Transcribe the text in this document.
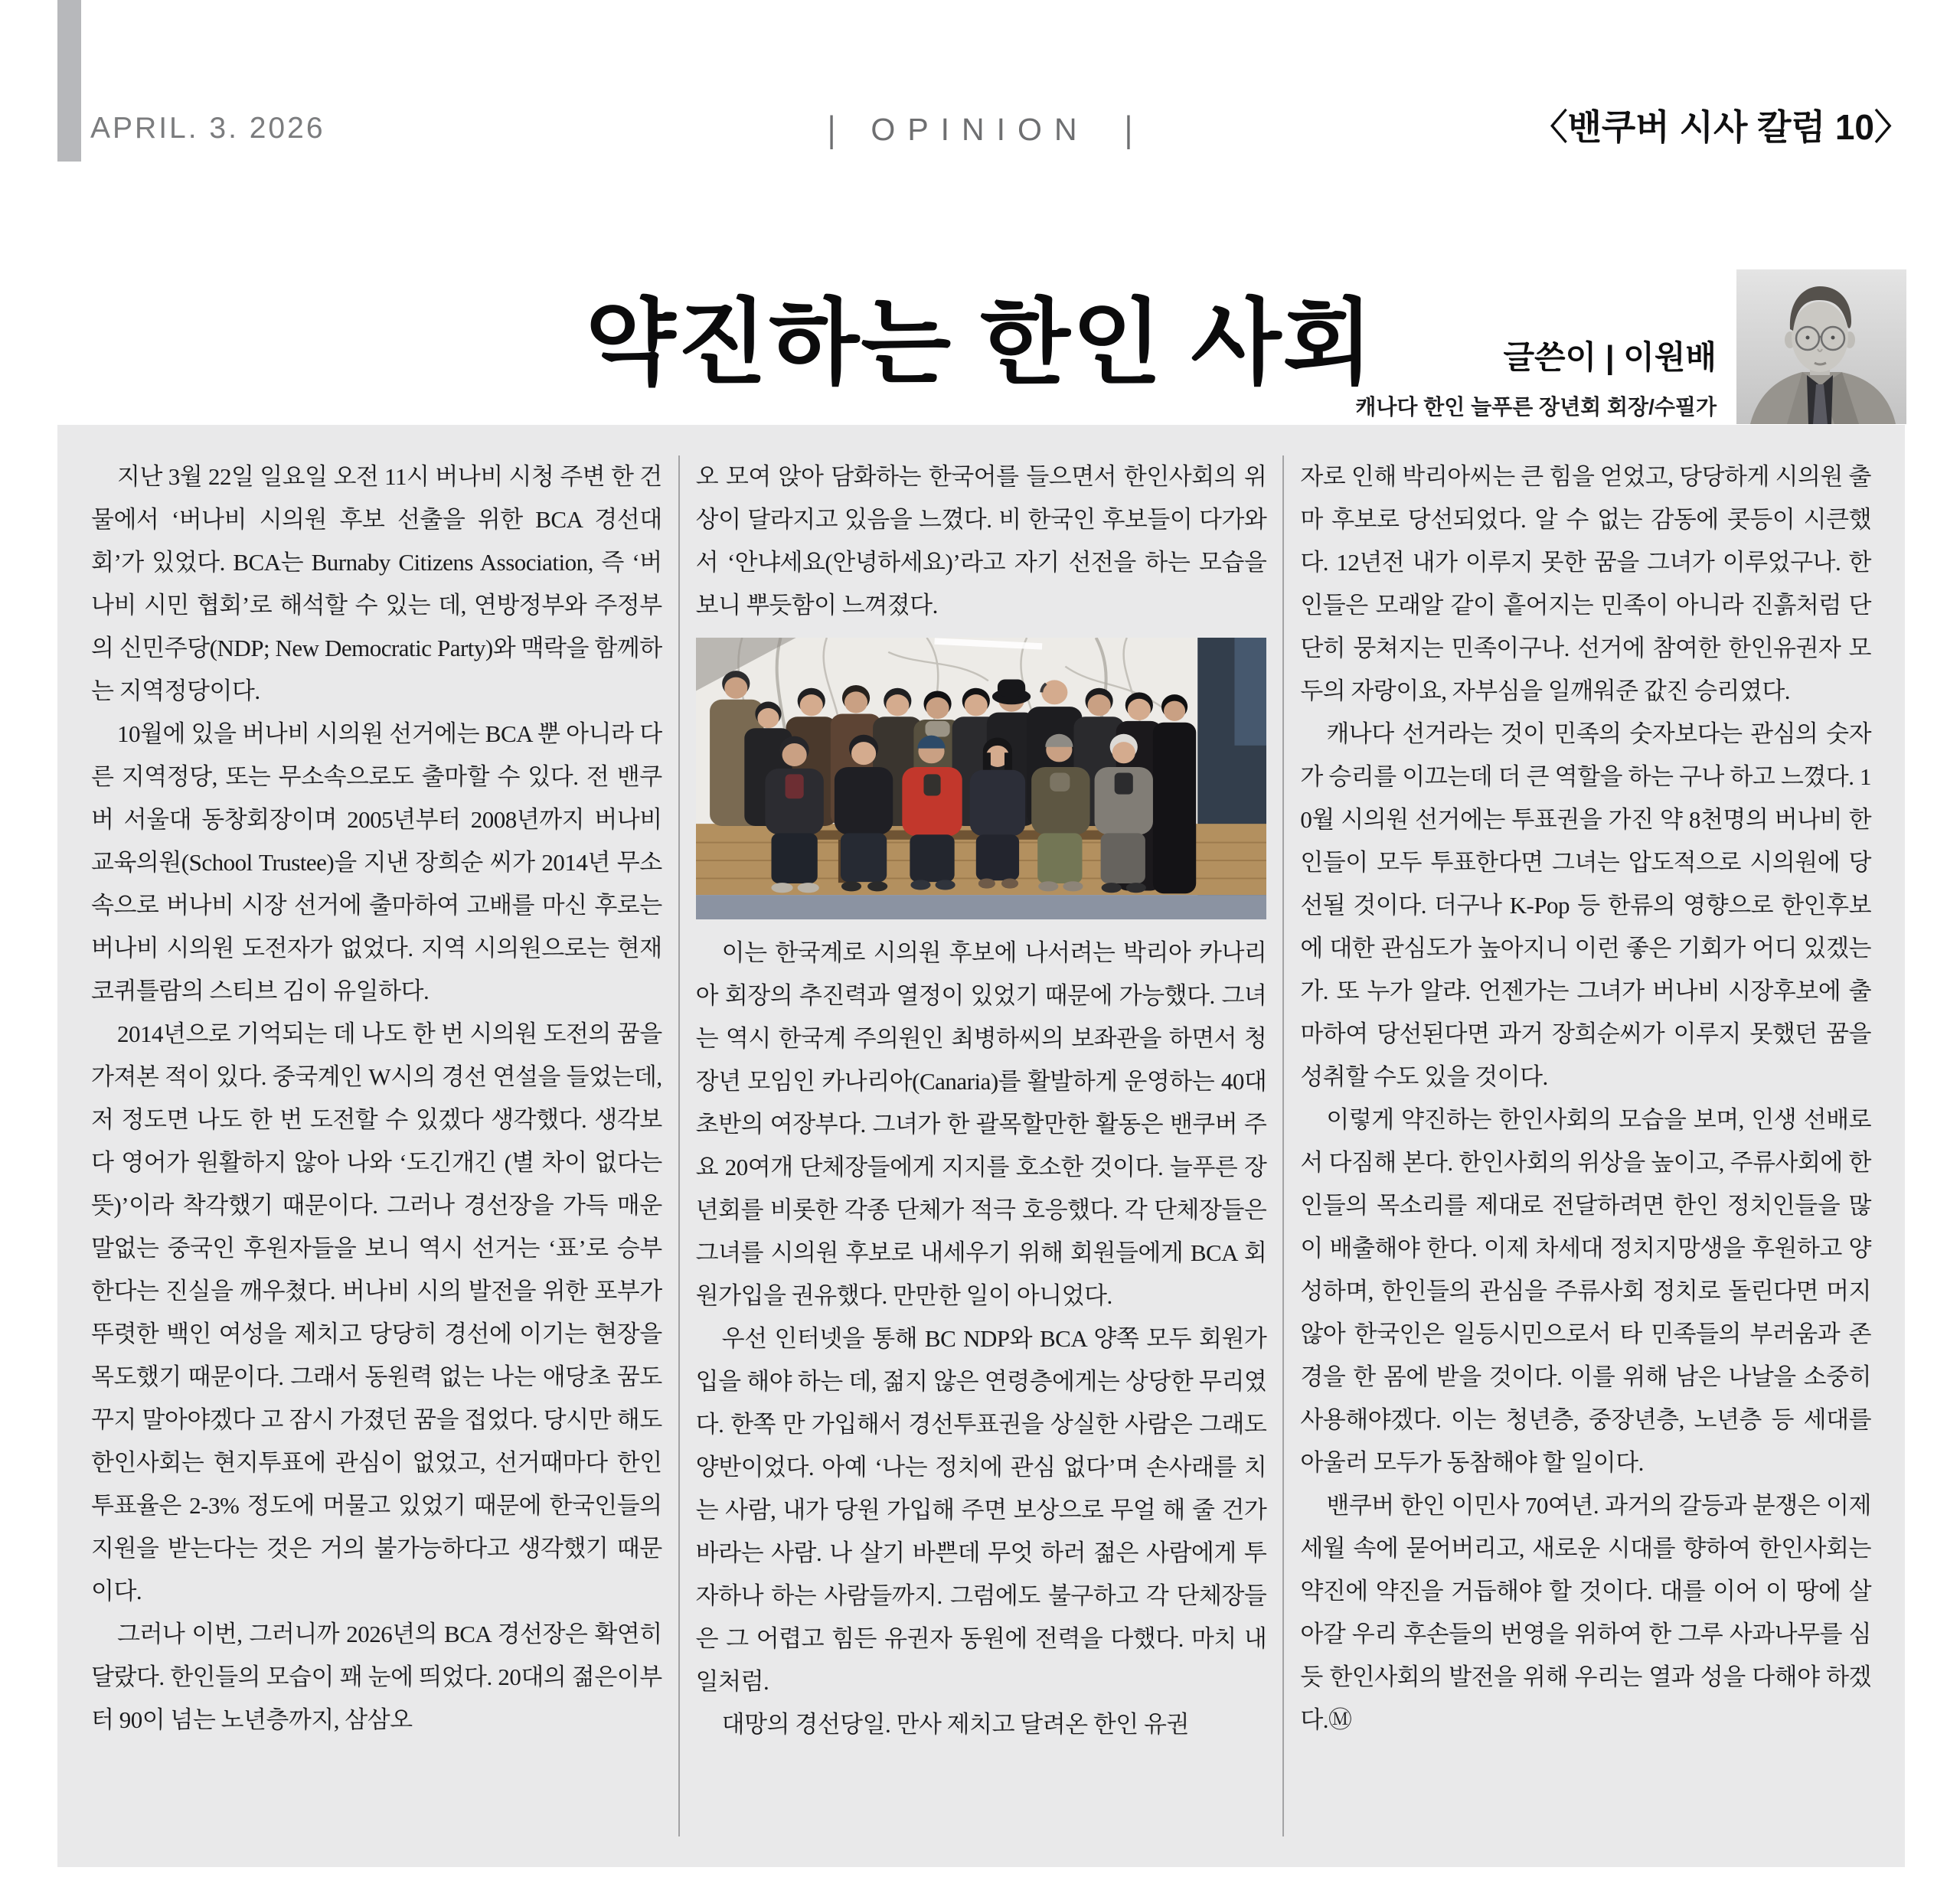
APRIL. 3. 2026	| OPINION |	〈밴쿠버 시사 칼럼 10〉
약진하는 한인 사회	글쓴이 | 이원배
캐나다 한인 늘푸른 장년회 회장/수필가

지난 3월 22일 일요일 오전 11시 버나비 시청 주변 한 건물에서 ‘버나비 시의원 후보 선출을 위한 BCA 경선대회’가 있었다. BCA는 Burnaby Citizens Association, 즉 ‘버나비 시민 협회’로 해석할 수 있는 데, 연방정부와 주정부의 신민주당(NDP; New Democratic Party)와 맥락을 함께하는 지역정당이다.

10월에 있을 버나비 시의원 선거에는 BCA 뿐 아니라 다른 지역정당, 또는 무소속으로도 출마할 수 있다. 전 밴쿠버 서울대 동창회장이며 2005년부터 2008년까지 버나비 교육의원(School Trustee)을 지낸 장희순 씨가 2014년 무소속으로 버나비 시장 선거에 출마하여 고배를 마신 후로는 버나비 시의원 도전자가 없었다. 지역 시의원으로는 현재 코퀴틀람의 스티브 김이 유일하다.

2014년으로 기억되는 데 나도 한 번 시의원 도전의 꿈을 가져본 적이 있다. 중국계인 W시의 경선 연설을 들었는데, 저 정도면 나도 한 번 도전할 수 있겠다 생각했다. 생각보다 영어가 원활하지 않아 나와 ‘도긴개긴 (별 차이 없다는 뜻)’이라 착각했기 때문이다. 그러나 경선장을 가득 매운 말없는 중국인 후원자들을 보니 역시 선거는 ‘표’로 승부한다는 진실을 깨우쳤다. 버나비 시의 발전을 위한 포부가 뚜렷한 백인 여성을 제치고 당당히 경선에 이기는 현장을 목도했기 때문이다. 그래서 동원력 없는 나는 애당초 꿈도 꾸지 말아야겠다 고 잠시 가졌던 꿈을 접었다. 당시만 해도 한인사회는 현지투표에 관심이 없었고, 선거때마다 한인 투표율은 2-3% 정도에 머물고 있었기 때문에 한국인들의 지원을 받는다는 것은 거의 불가능하다고 생각했기 때문이다.

그러나 이번, 그러니까 2026년의 BCA 경선장은 확연히 달랐다. 한인들의 모습이 꽤 눈에 띄었다. 20대의 젊은이부터 90이 넘는 노년층까지, 삼삼오

오 모여 앉아 담화하는 한국어를 들으면서 한인사회의 위상이 달라지고 있음을 느꼈다. 비 한국인 후보들이 다가와서 ‘안냐세요(안녕하세요)’라고 자기 선전을 하는 모습을 보니 뿌듯함이 느껴졌다.

이는 한국계로 시의원 후보에 나서려는 박리아 카나리아 회장의 추진력과 열정이 있었기 때문에 가능했다. 그녀는 역시 한국계 주의원인 최병하씨의 보좌관을 하면서 청장년 모임인 카나리아(Canaria)를 활발하게 운영하는 40대 초반의 여장부다. 그녀가 한 괄목할만한 활동은 밴쿠버 주요 20여개 단체장들에게 지지를 호소한 것이다. 늘푸른 장년회를 비롯한 각종 단체가 적극 호응했다. 각 단체장들은 그녀를 시의원 후보로 내세우기 위해 회원들에게 BCA 회원가입을 권유했다. 만만한 일이 아니었다.

우선 인터넷을 통해 BC NDP와 BCA 양쪽 모두 회원가입을 해야 하는 데, 젊지 않은 연령층에게는 상당한 무리였다. 한쪽 만 가입해서 경선투표권을 상실한 사람은 그래도 양반이었다. 아예 ‘나는 정치에 관심 없다’며 손사래를 치는 사람, 내가 당원 가입해 주면 보상으로 무얼 해 줄 건가 바라는 사람. 나 살기 바쁜데 무엇 하러 젊은 사람에게 투자하나 하는 사람들까지. 그럼에도 불구하고 각 단체장들은 그 어렵고 힘든 유권자 동원에 전력을 다했다. 마치 내 일처럼.

대망의 경선당일. 만사 제치고 달려온 한인 유권

자로 인해 박리아씨는 큰 힘을 얻었고, 당당하게 시의원 출마 후보로 당선되었다. 알 수 없는 감동에 콧등이 시큰했다. 12년전 내가 이루지 못한 꿈을 그녀가 이루었구나. 한인들은 모래알 같이 흩어지는 민족이 아니라 진흙처럼 단단히 뭉쳐지는 민족이구나. 선거에 참여한 한인유권자 모두의 자랑이요, 자부심을 일깨워준 값진 승리였다.

캐나다 선거라는 것이 민족의 숫자보다는 관심의 숫자가 승리를 이끄는데 더 큰 역할을 하는 구나 하고 느꼈다. 10월 시의원 선거에는 투표권을 가진 약 8천명의 버나비 한인들이 모두 투표한다면 그녀는 압도적으로 시의원에 당선될 것이다. 더구나 K-Pop 등 한류의 영향으로 한인후보에 대한 관심도가 높아지니 이런 좋은 기회가 어디 있겠는가. 또 누가 알랴. 언젠가는 그녀가 버나비 시장후보에 출마하여 당선된다면 과거 장희순씨가 이루지 못했던 꿈을 성취할 수도 있을 것이다.

이렇게 약진하는 한인사회의 모습을 보며, 인생 선배로서 다짐해 본다. 한인사회의 위상을 높이고, 주류사회에 한인들의 목소리를 제대로 전달하려면 한인 정치인들을 많이 배출해야 한다. 이제 차세대 정치지망생을 후원하고 양성하며, 한인들의 관심을 주류사회 정치로 돌린다면 머지않아 한국인은 일등시민으로서 타 민족들의 부러움과 존경을 한 몸에 받을 것이다. 이를 위해 남은 나날을 소중히 사용해야겠다. 이는 청년층, 중장년층, 노년층 등 세대를 아울러 모두가 동참해야 할 일이다.

밴쿠버 한인 이민사 70여년. 과거의 갈등과 분쟁은 이제 세월 속에 묻어버리고, 새로운 시대를 향하여 한인사회는 약진에 약진을 거듭해야 할 것이다. 대를 이어 이 땅에 살아갈 우리 후손들의 번영을 위하여 한 그루 사과나무를 심듯 한인사회의 발전을 위해 우리는 열과 성을 다해야 하겠다.Ⓜ
